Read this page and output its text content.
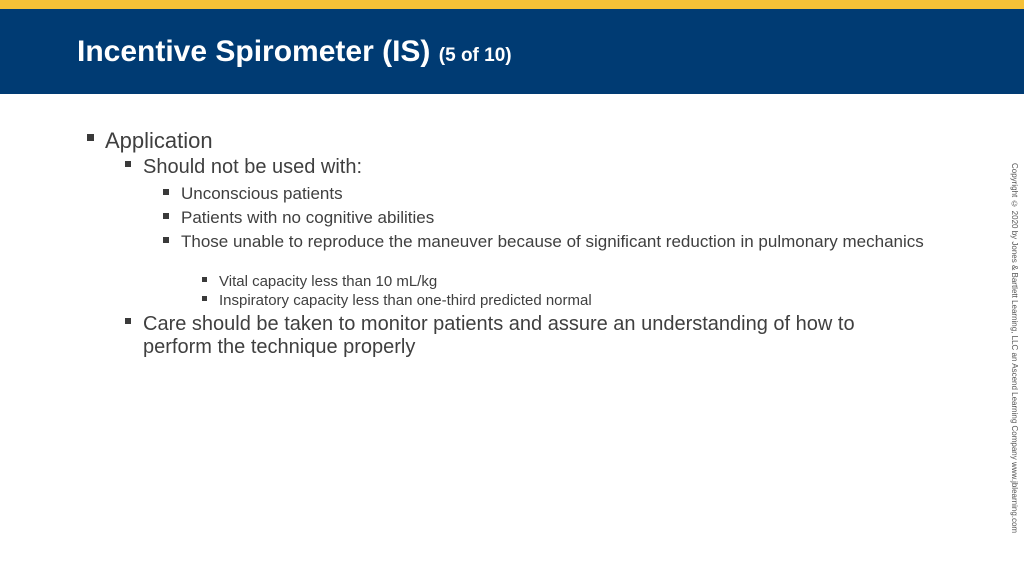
Incentive Spirometer (IS) (5 of 10)
Application
Should not be used with:
Unconscious patients
Patients with no cognitive abilities
Those unable to reproduce the maneuver because of significant reduction in pulmonary mechanics
Vital capacity less than 10 mL/kg
Inspiratory capacity less than one-third predicted normal
Care should be taken to monitor patients and assure an understanding of how to perform the technique properly	Copyright © 2020 by Jones & Bartlett Learning, LLC an Ascend Learning Company www.jblearning.com
